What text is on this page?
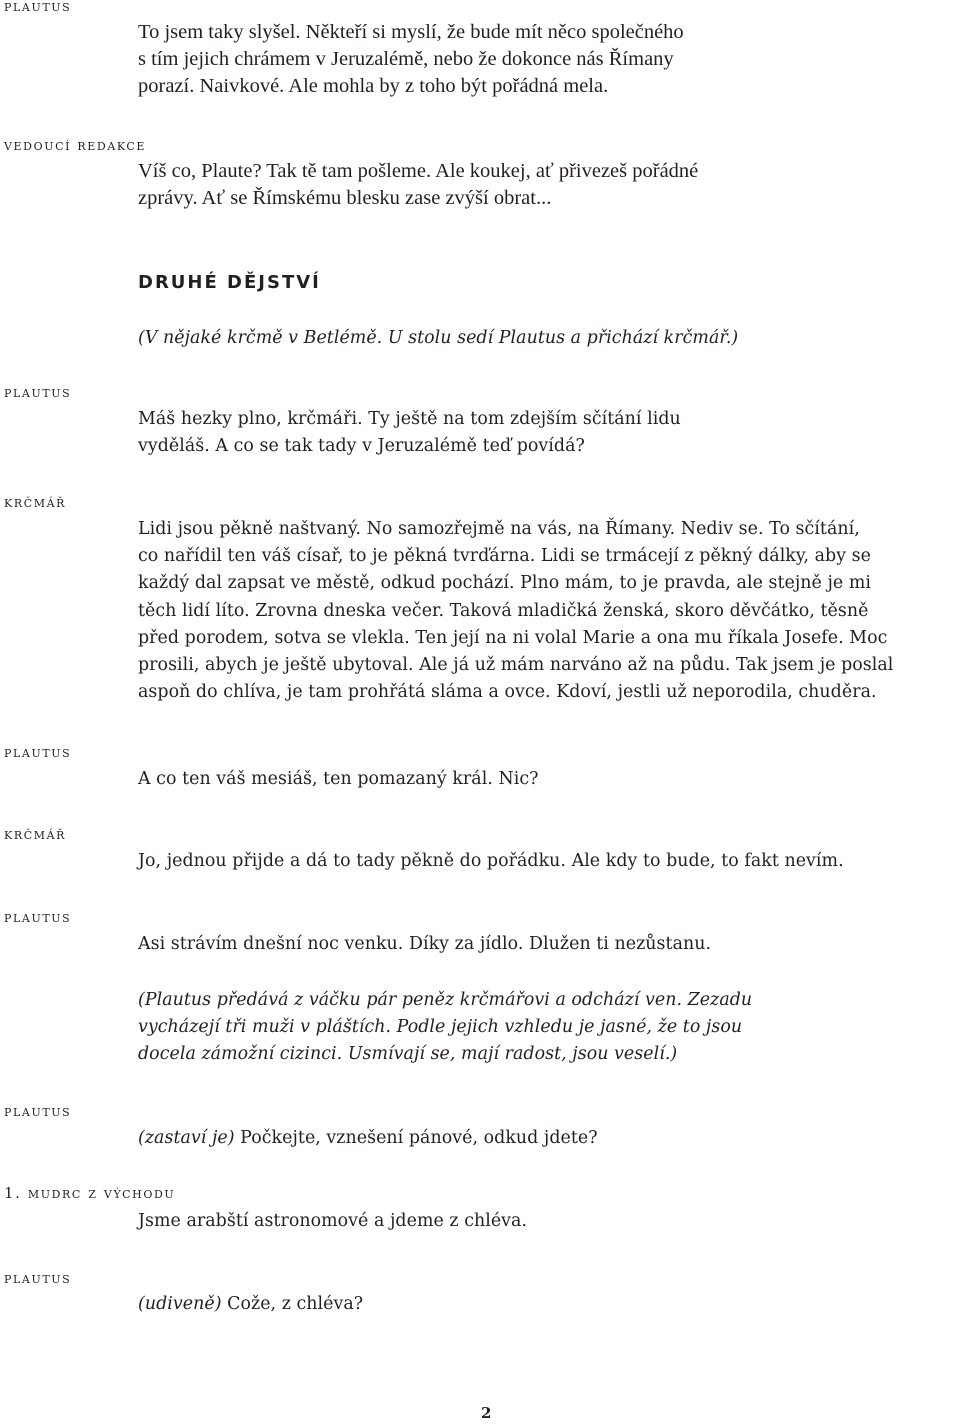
plautus
vedoucí redakce
plautus
krčmář
plautus
krčmář
plautus
plautus
1. mudrc z východu
plautus
To jsem taky slyšel. Někteří si myslí, že bude mít něco společného
s tím jejich chrámem v Jeruzalémě, nebo že dokonce nás Římany
porazí. Naivkové. Ale mohla by z toho být pořádná mela.
Víš co, Plaute? Tak tě tam pošleme. Ale koukej, ať přivezeš pořádné
zprávy. Ať se Římskému blesku zase zvýší obrat...
DRUHÉ DĚJSTVÍ
(V nějaké krčmě v Betlémě. U stolu sedí Plautus a přichází krčmář.)
Máš hezky plno, krčmáři. Ty ještě na tom zdejším sčítání lidu
vyděláš. A co se tak tady v Jeruzalémě teď povídá?
Lidi jsou pěkně naštvaný. No samozřejmě na vás, na Římany. Nediv se. To sčítání,
co nařídil ten váš císař, to je pěkná tvrďárna. Lidi se trmácejí z pěkný dálky, aby se
každý dal zapsat ve městě, odkud pochází. Plno mám, to je pravda, ale stejně je mi
těch lidí líto. Zrovna dneska večer. Taková mladičká ženská, skoro děvčátko, těsně
před porodem, sotva se vlekla. Ten její na ni volal Marie a ona mu říkala Josefe. Moc
prosili, abych je ještě ubytoval. Ale já už mám narváno až na půdu. Tak jsem je poslal
aspoň do chlíva, je tam prohřátá sláma a ovce. Kdoví, jestli už neporodila, chuděra.
A co ten váš mesiáš, ten pomazaný král. Nic?
Jo, jednou přijde a dá to tady pěkně do pořádku. Ale kdy to bude, to fakt nevím.
Asi strávím dnešní noc venku. Díky za jídlo. Dlužen ti nezůstanu.
(Plautus předává z váčku pár peněz krčmářovi a odchází ven. Zezadu
vycházejí tři muži v pláštích. Podle jejich vzhledu je jasné, že to jsou
docela zámožní cizinci. Usmívají se, mají radost, jsou veselí.)
(zastaví je) Počkejte, vznešení pánové, odkud jdete?
Jsme arabští astronomové a jdeme z chléva.
(udiveně) Cože, z chléva?
2
